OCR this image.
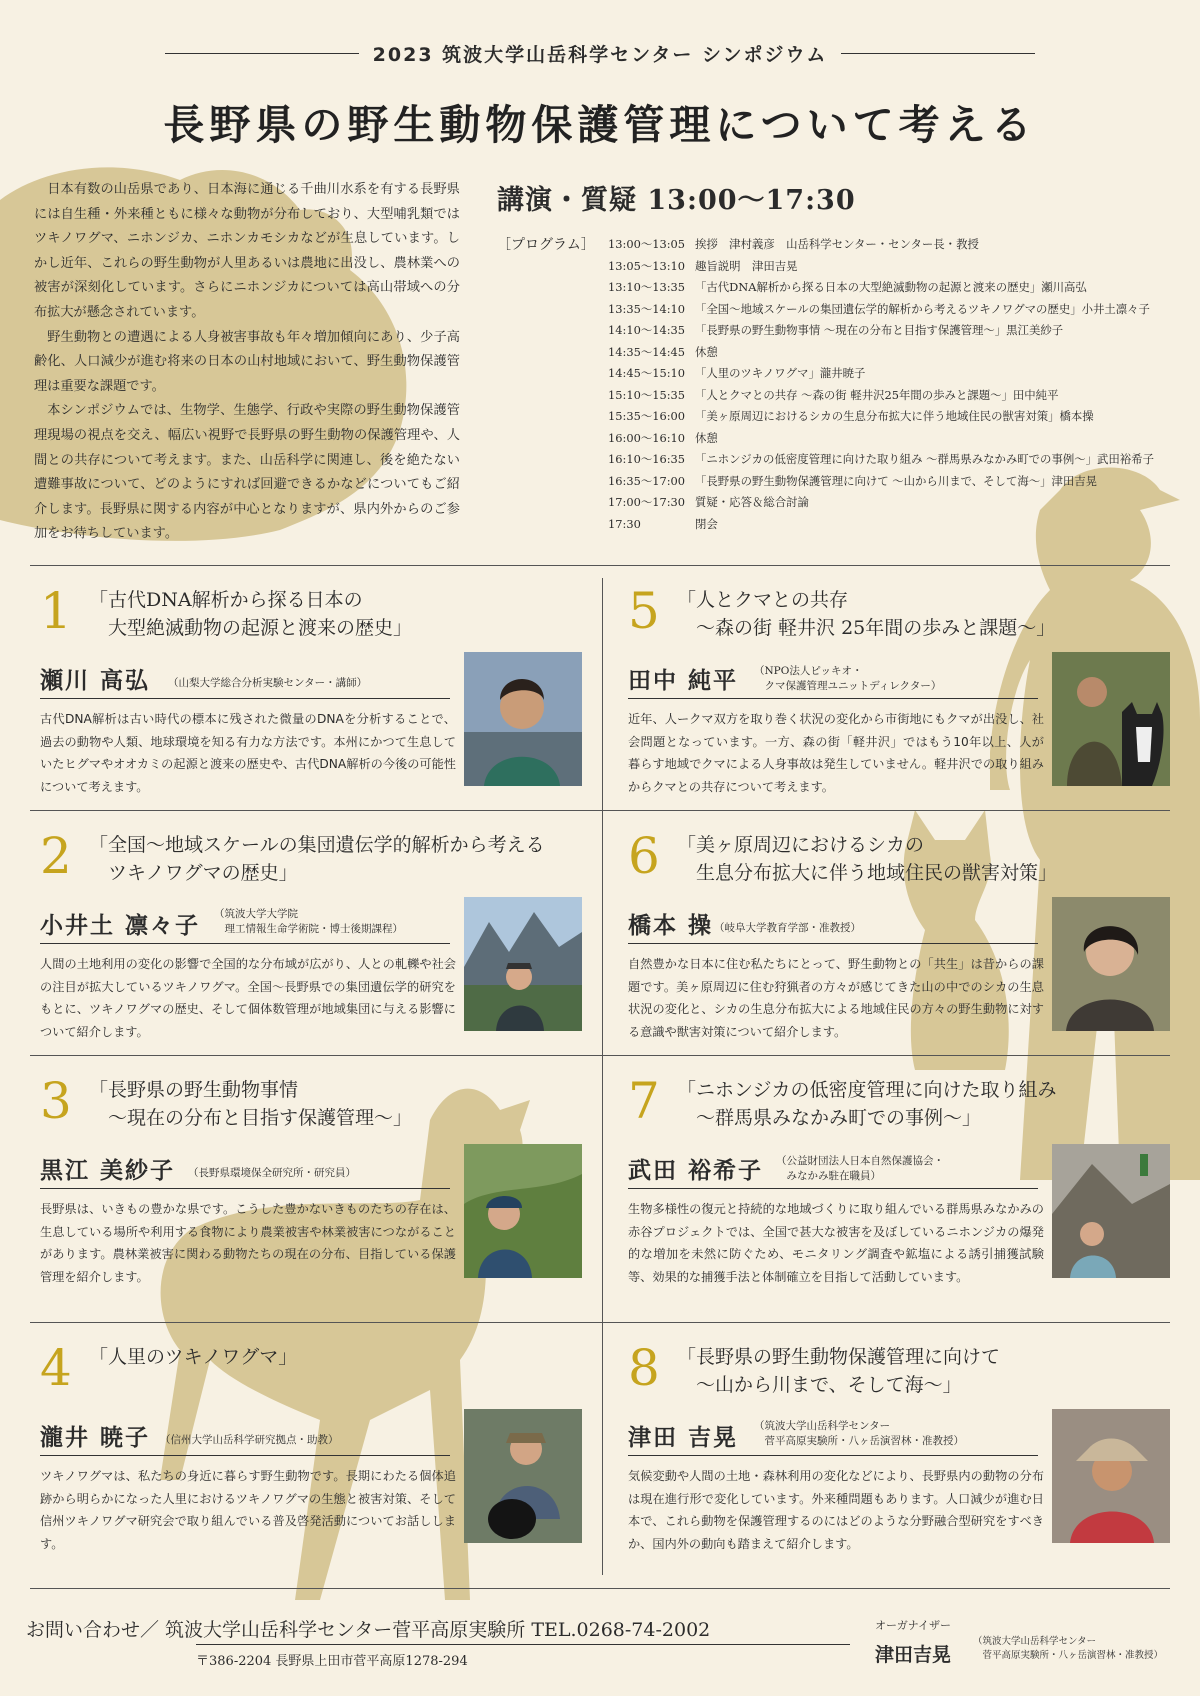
2023 筑波大学山岳科学センター シンポジウム
長野県の野生動物保護管理について考える

日本有数の山岳県であり、日本海に通じる千曲川水系を有する長野県には自生種・外来種ともに様々な動物が分布しており、大型哺乳類ではツキノワグマ、ニホンジカ、ニホンカモシカなどが生息しています。しかし近年、これらの野生動物が人里あるいは農地に出没し、農林業への被害が深刻化しています。さらにニホンジカについては高山帯域への分布拡大が懸念されています。

野生動物との遭遇による人身被害事故も年々増加傾向にあり、少子高齢化、人口減少が進む将来の日本の山村地域において、野生動物保護管理は重要な課題です。

本シンポジウムでは、生物学、生態学、行政や実際の野生動物保護管理現場の視点を交え、幅広い視野で長野県の野生動物の保護管理や、人間との共存について考えます。また、山岳科学に関連し、後を絶たない遭難事故について、どのようにすれば回避できるかなどについてもご紹介します。長野県に関する内容が中心となりますが、県内外からのご参加をお待ちしています。

講演・質疑 13:00〜17:30
［プログラム］ 13:00〜13:05 挨拶　津村義彦　山岳科学センター・センター長・教授
13:05〜13:10 趣旨説明　津田吉晃
13:10〜13:35 「古代DNA解析から探る日本の大型絶滅動物の起源と渡来の歴史」瀬川高弘
13:35〜14:10 「全国〜地域スケールの集団遺伝学的解析から考えるツキノワグマの歴史」小井土凛々子
14:10〜14:35 「長野県の野生動物事情 〜現在の分布と目指す保護管理〜」黒江美紗子
14:35〜14:45 休憩
14:45〜15:10 「人里のツキノワグマ」瀧井暁子
15:10〜15:35 「人とクマとの共存 〜森の街 軽井沢25年間の歩みと課題〜」田中純平
15:35〜16:00 「美ヶ原周辺におけるシカの生息分布拡大に伴う地域住民の獣害対策」橋本操
16:00〜16:10 休憩
16:10〜16:35 「ニホンジカの低密度管理に向けた取り組み 〜群馬県みなかみ町での事例〜」武田裕希子
16:35〜17:00 「長野県の野生動物保護管理に向けて 〜山から川まで、そして海〜」津田吉晃
17:00〜17:30 質疑・応答＆総合討論
17:30	閉会
1 「古代DNA解析から探る日本の
　大型絶滅動物の起源と渡来の歴史」
瀬川 高弘 （山梨大学総合分析実験センター・講師）
古代DNA解析は古い時代の標本に残された微量のDNAを分析することで、過去の動物や人類、地球環境を知る有力な方法です。本州にかつて生息していたヒグマやオオカミの起源と渡来の歴史や、古代DNA解析の今後の可能性について考えます。
5 「人とクマとの共存
　〜森の街 軽井沢 25年間の歩みと課題〜」
田中 純平 （NPO法人ピッキオ・
　クマ保護管理ユニットディレクター）
近年、人ークマ双方を取り巻く状況の変化から市街地にもクマが出没し、社会問題となっています。一方、森の街「軽井沢」ではもう10年以上、人が暮らす地域でクマによる人身事故は発生していません。軽井沢での取り組みからクマとの共存について考えます。
2 「全国〜地域スケールの集団遺伝学的解析から考える
　ツキノワグマの歴史」
小井土 凛々子 （筑波大学大学院
　理工情報生命学術院・博士後期課程）
人間の土地利用の変化の影響で全国的な分布域が広がり、人との軋轢や社会の注目が拡大しているツキノワグマ。全国〜長野県での集団遺伝学的研究をもとに、ツキノワグマの歴史、そして個体数管理が地域集団に与える影響について紹介します。
6 「美ヶ原周辺におけるシカの
　生息分布拡大に伴う地域住民の獣害対策」
橋本 操 （岐阜大学教育学部・准教授）
自然豊かな日本に住む私たちにとって、野生動物との「共生」は昔からの課題です。美ヶ原周辺に住む狩猟者の方々が感じてきた山の中でのシカの生息状況の変化と、シカの生息分布拡大による地域住民の方々の野生動物に対する意識や獣害対策について紹介します。
3 「長野県の野生動物事情
　〜現在の分布と目指す保護管理〜」
黒江 美紗子 （長野県環境保全研究所・研究員）
長野県は、いきもの豊かな県です。こうした豊かないきものたちの存在は、生息している場所や利用する食物により農業被害や林業被害につながることがあります。農林業被害に関わる動物たちの現在の分布、目指している保護管理を紹介します。
7 「ニホンジカの低密度管理に向けた取り組み
　〜群馬県みなかみ町での事例〜」
武田 裕希子 （公益財団法人日本自然保護協会・
　みなかみ駐在職員）
生物多様性の復元と持続的な地域づくりに取り組んでいる群馬県みなかみの赤谷プロジェクトでは、全国で甚大な被害を及ぼしているニホンジカの爆発的な増加を未然に防ぐため、モニタリング調査や鉱塩による誘引捕獲試験等、効果的な捕獲手法と体制確立を目指して活動しています。
4 「人里のツキノワグマ」
瀧井 暁子 （信州大学山岳科学研究拠点・助教）
ツキノワグマは、私たちの身近に暮らす野生動物です。長期にわたる個体追跡から明らかになった人里におけるツキノワグマの生態と被害対策、そして信州ツキノワグマ研究会で取り組んでいる普及啓発活動についてお話しします。
8 「長野県の野生動物保護管理に向けて
　〜山から川まで、そして海〜」
津田 吉晃 （筑波大学山岳科学センター
　菅平高原実験所・八ヶ岳演習林・准教授）
気候変動や人間の土地・森林利用の変化などにより、長野県内の動物の分布は現在進行形で変化しています。外来種問題もあります。人口減少が進む日本で、これら動物を保護管理するのにはどのような分野融合型研究をすべきか、国内外の動向も踏まえて紹介します。
お問い合わせ／ 筑波大学山岳科学センター菅平高原実験所 TEL.0268-74-2002
〒386-2204 長野県上田市菅平高原1278-294
オーガナイザー
津田吉晃
（筑波大学山岳科学センター
　菅平高原実験所・八ヶ岳演習林・准教授）
